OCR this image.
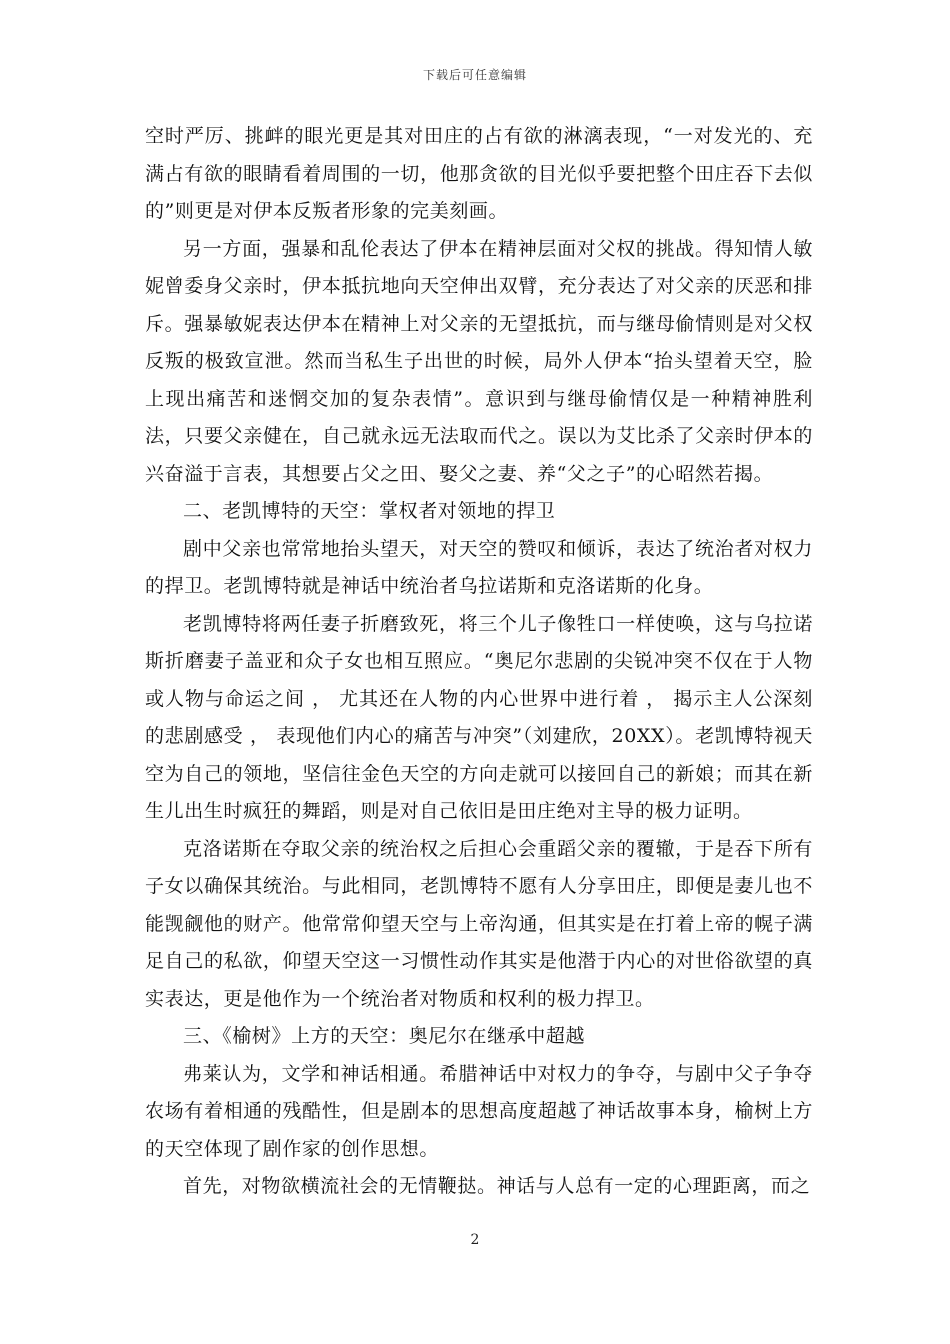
下载后可任意编辑

空时严厉、挑衅的眼光更是其对田庄的占有欲的淋漓表现，“一对发光的、充满占有欲的眼睛看着周围的一切，他那贪欲的目光似乎要把整个田庄吞下去似的”则更是对伊本反叛者形象的完美刻画。

另一方面，强暴和乱伦表达了伊本在精神层面对父权的挑战。得知情人敏妮曾委身父亲时，伊本抵抗地向天空伸出双臂，充分表达了对父亲的厌恶和排斥。强暴敏妮表达伊本在精神上对父亲的无望抵抗，而与继母偷情则是对父权反叛的极致宣泄。然而当私生子出世的时候，局外人伊本“抬头望着天空，脸上现出痛苦和迷惘交加的复杂表情”。意识到与继母偷情仅是一种精神胜利法，只要父亲健在，自己就永远无法取而代之。误以为艾比杀了父亲时伊本的兴奋溢于言表，其想要占父之田、娶父之妻、养“父之子”的心昭然若揭。

二、老凯博特的天空：掌权者对领地的捍卫

剧中父亲也常常地抬头望天，对天空的赞叹和倾诉，表达了统治者对权力的捍卫。老凯博特就是神话中统治者乌拉诺斯和克洛诺斯的化身。

老凯博特将两任妻子折磨致死，将三个儿子像牲口一样使唤，这与乌拉诺斯折磨妻子盖亚和众子女也相互照应。“奥尼尔悲剧的尖锐冲突不仅在于人物或人物与命运之间 ， 尤其还在人物的内心世界中进行着 ， 揭示主人公深刻的悲剧感受 ， 表现他们内心的痛苦与冲突”（刘建欣，20XX）。老凯博特视天空为自己的领地，坚信往金色天空的方向走就可以接回自己的新娘；而其在新生儿出生时疯狂的舞蹈，则是对自己依旧是田庄绝对主导的极力证明。

克洛诺斯在夺取父亲的统治权之后担心会重蹈父亲的覆辙，于是吞下所有子女以确保其统治。与此相同，老凯博特不愿有人分享田庄，即便是妻儿也不能觊觎他的财产。他常常仰望天空与上帝沟通，但其实是在打着上帝的幌子满足自己的私欲，仰望天空这一习惯性动作其实是他潜于内心的对世俗欲望的真实表达，更是他作为一个统治者对物质和权利的极力捍卫。

三、《榆树》上方的天空：奥尼尔在继承中超越

弗莱认为，文学和神话相通。希腊神话中对权力的争夺，与剧中父子争夺农场有着相通的残酷性，但是剧本的思想高度超越了神话故事本身，榆树上方的天空体现了剧作家的创作思想。

首先，对物欲横流社会的无情鞭挞。神话与人总有一定的心理距离，而之

2
